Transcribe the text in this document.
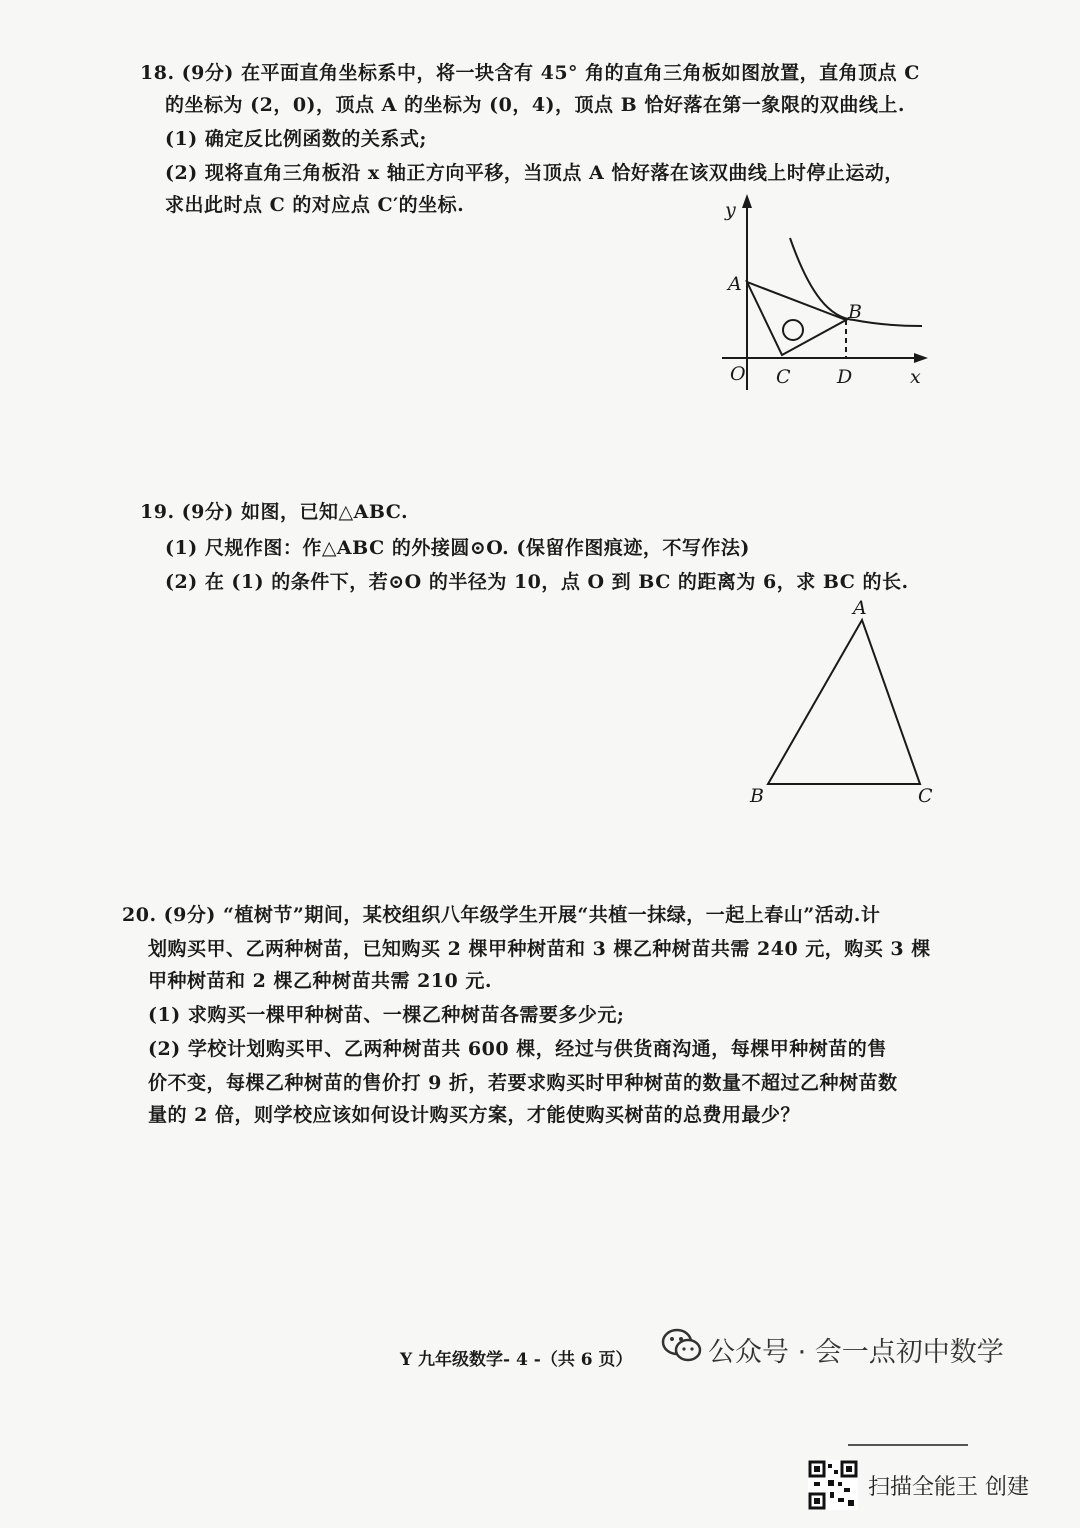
18. (9分) 在平面直角坐标系中，将一块含有 45° 角的直角三角板如图放置，直角顶点 C
的坐标为 (2，0)，顶点 A 的坐标为 (0，4)，顶点 B 恰好落在第一象限的双曲线上.
(1) 确定反比例函数的关系式;
(2) 现将直角三角板沿 x 轴正方向平移，当顶点 A 恰好落在该双曲线上时停止运动，
求出此时点 C 的对应点 C′的坐标.	y
A
B
O C D	x
19. (9分) 如图，已知△ABC.
(1) 尺规作图：作△ABC 的外接圆⊙O. (保留作图痕迹，不写作法)
(2) 在 (1) 的条件下，若⊙O 的半径为 10，点 O 到 BC 的距离为 6，求 BC 的长.
A
B	C
20. (9分) “植树节”期间，某校组织八年级学生开展“共植一抹绿，一起上春山”活动.计
划购买甲、乙两种树苗，已知购买 2 棵甲种树苗和 3 棵乙种树苗共需 240 元，购买 3 棵
甲种树苗和 2 棵乙种树苗共需 210 元.
(1) 求购买一棵甲种树苗、一棵乙种树苗各需要多少元;
(2) 学校计划购买甲、乙两种树苗共 600 棵，经过与供货商沟通，每棵甲种树苗的售
价不变，每棵乙种树苗的售价打 9 折，若要求购买时甲种树苗的数量不超过乙种树苗数
量的 2 倍，则学校应该如何设计购买方案，才能使购买树苗的总费用最少？
Y 九年级数学- 4 -（共 6 页）	公众号 · 会一点初中数学
扫描全能王 创建
